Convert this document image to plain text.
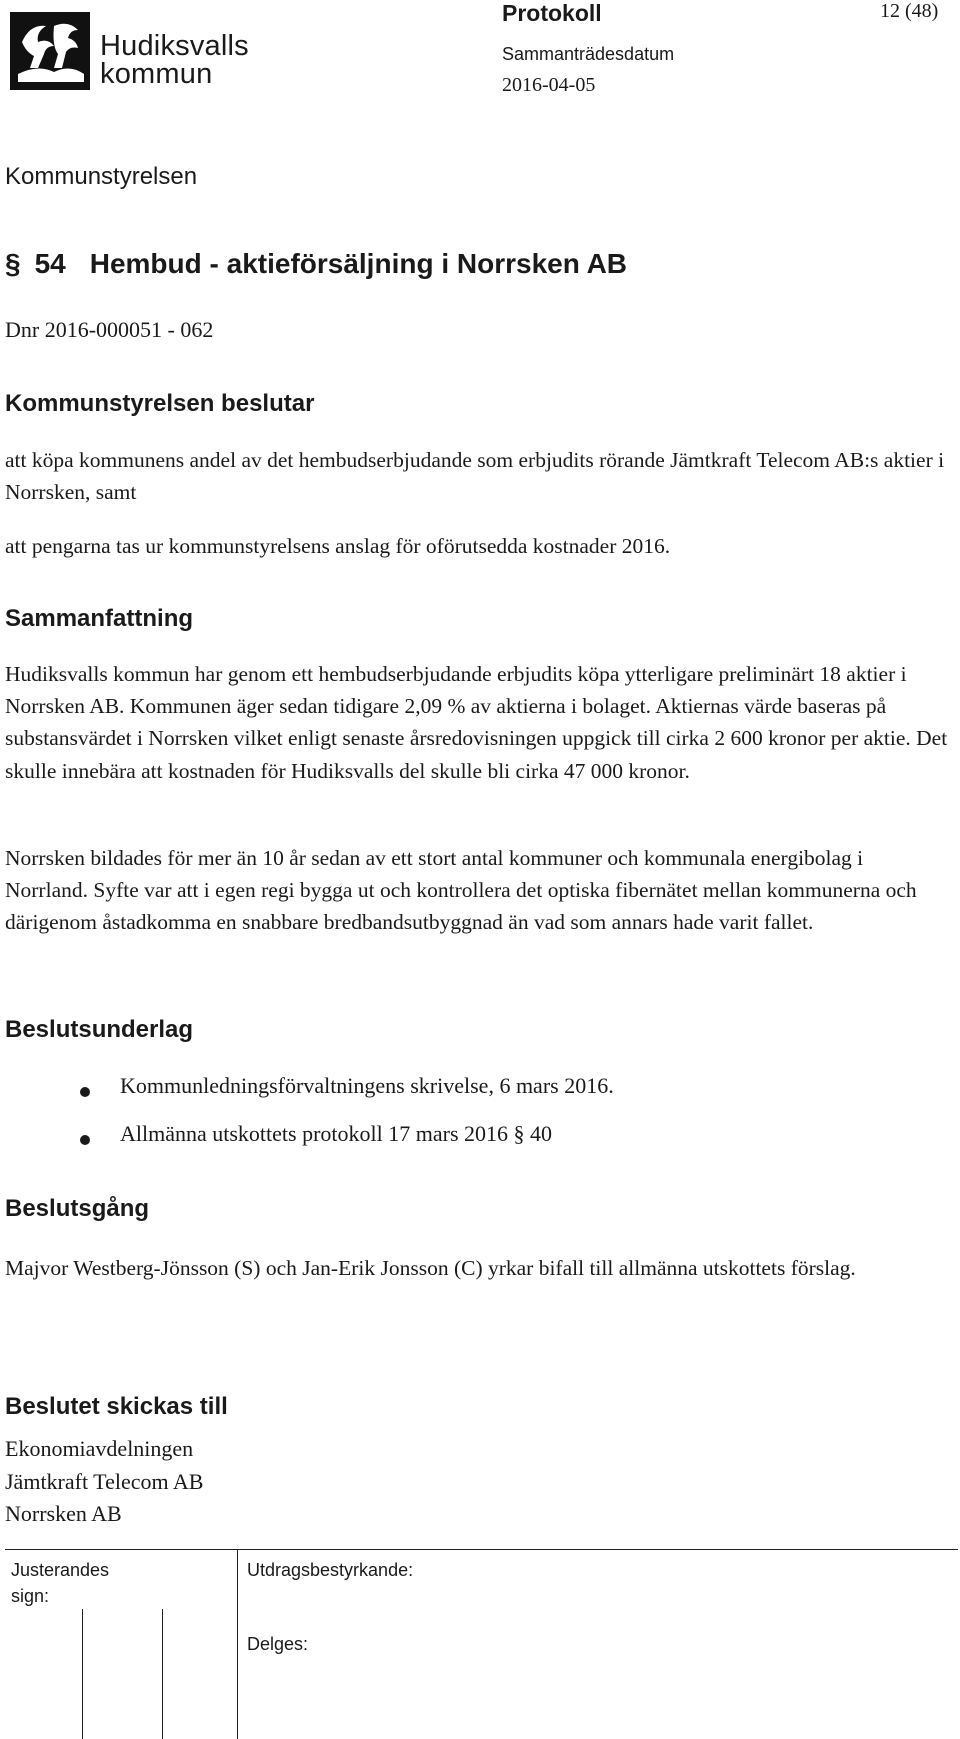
Hudiksvalls
kommun
Protokoll	12 (48)
Sammanträdesdatum
2016-04-05
Kommunstyrelsen
§ 54 Hembud - aktieförsäljning i Norrsken AB
Dnr 2016-000051 - 062
Kommunstyrelsen beslutar

att köpa kommunens andel av det hembudserbjudande som erbjudits rörande Jämtkraft Telecom AB:s aktier i Norrsken, samt

att pengarna tas ur kommunstyrelsens anslag för oförutsedda kostnader 2016.

Sammanfattning

Hudiksvalls kommun har genom ett hembudserbjudande erbjudits köpa ytterligare preliminärt 18 aktier i Norrsken AB. Kommunen äger sedan tidigare 2,09 % av aktierna i bolaget. Aktiernas värde baseras på substansvärdet i Norrsken vilket enligt senaste årsredovisningen uppgick till cirka 2 600 kronor per aktie. Det skulle innebära att kostnaden för Hudiksvalls del skulle bli cirka 47 000 kronor.

Norrsken bildades för mer än 10 år sedan av ett stort antal kommuner och kommunala energibolag i Norrland. Syfte var att i egen regi bygga ut och kontrollera det optiska fibernätet mellan kommunerna och därigenom åstadkomma en snabbare bredbandsutbyggnad än vad som annars hade varit fallet.

Beslutsunderlag
Kommunledningsförvaltningens skrivelse, 6 mars 2016.
Allmänna utskottets protokoll 17 mars 2016 § 40
Beslutsgång

Majvor Westberg-Jönsson (S) och Jan-Erik Jonsson (C) yrkar bifall till allmänna utskottets förslag.

Beslutet skickas till
Ekonomiavdelningen
Jämtkraft Telecom AB
Norrsken AB
Justerandes sign:
Utdragsbestyrkande:
Delges:
